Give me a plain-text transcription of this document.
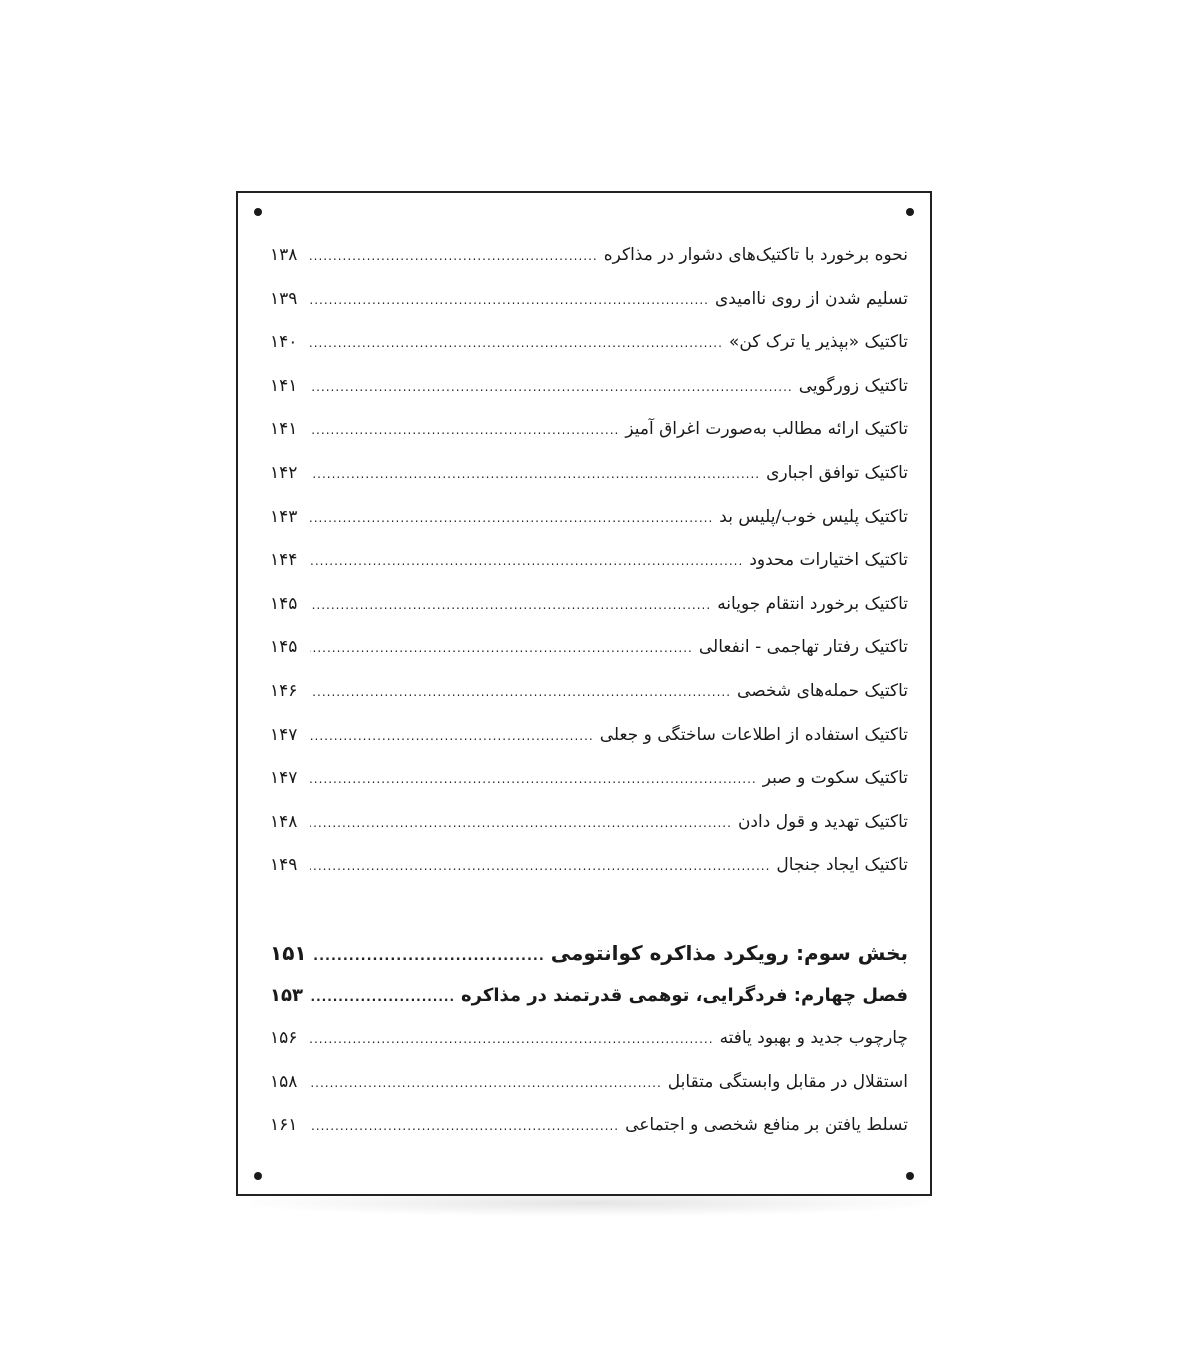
نحوه برخورد با تاکتیک‌های دشوار در مذاکره
.....
۱۳۸
تسلیم شدن از روی ناامیدی
.....
۱۳۹
تاکتیک «بپذیر یا ترک کن»
.....
۱۴۰
تاکتیک زورگویی
.....
۱۴۱
تاکتیک ارائه مطالب به‌صورت اغراق آمیز
.....
۱۴۱
تاکتیک توافق اجباری
.....
۱۴۲
تاکتیک پلیس خوب/پلیس بد
.....
۱۴۳
تاکتیک اختیارات محدود
.....
۱۴۴
تاکتیک برخورد انتقام جویانه
.....
۱۴۵
تاکتیک رفتار تهاجمی - انفعالی
.....
۱۴۵
تاکتیک حمله‌های شخصی
.....
۱۴۶
تاکتیک استفاده از اطلاعات ساختگی و جعلی
.....
۱۴۷
تاکتیک سکوت و صبر
.....
۱۴۷
تاکتیک تهدید و قول دادن
.....
۱۴۸
تاکتیک ایجاد جنجال
.....
۱۴۹
بخش سوم: رویکرد مذاکره کوانتومی
.....
۱۵۱
فصل چهارم: فردگرایی، توهمی قدرتمند در مذاکره
.....
۱۵۳
چارچوب جدید و بهبود یافته
.....
۱۵۶
استقلال در مقابل وابستگی متقابل
.....
۱۵۸
تسلط یافتن بر منافع شخصی و اجتماعی
.....
۱۶۱
